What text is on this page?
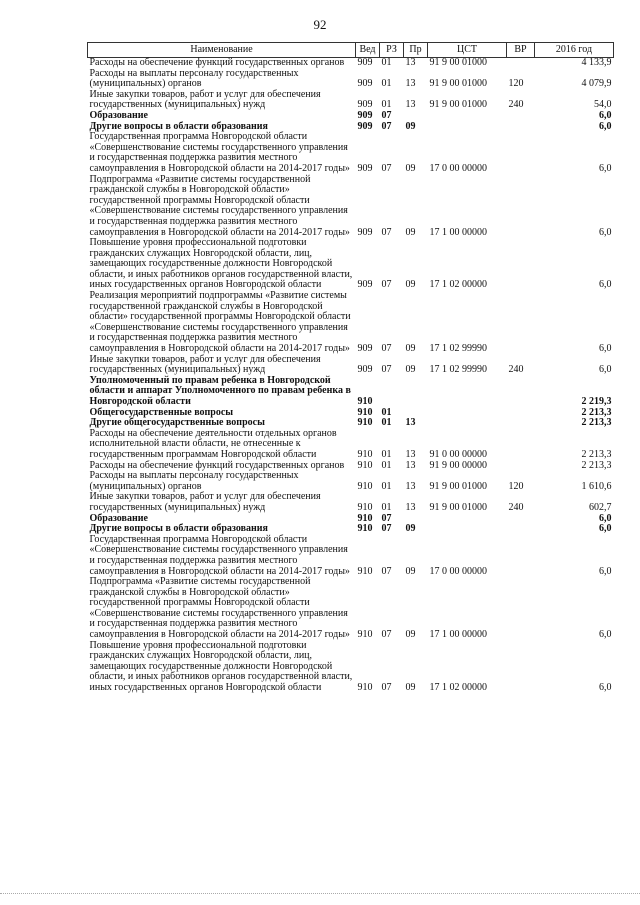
92
Наименование	Вед	РЗ	Пр	ЦСТ	ВР	2016 год
Расходы на обеспечение функций государственных органов	909	01	13	91 9 00 01000		4 133,9
Расходы на выплаты персоналу государственных (муниципальных) органов	909	01	13	91 9 00 01000	120	4 079,9
Иные закупки товаров, работ и услуг для обеспечения государственных (муниципальных) нужд	909	01	13	91 9 00 01000	240	54,0
Образование	909	07				6,0
Другие вопросы в области образования	909	07	09			6,0
Государственная программа Новгородской области «Совершенствование системы государственного управления и государственная поддержка развития местного самоуправления в Новгородской области на 2014-2017 годы»	909	07	09	17 0 00 00000		6,0
Подпрограмма «Развитие системы государственной гражданской службы в Новгородской области» государственной программы Новгородской области «Совершенствование системы государственного управления и государственная поддержка развития местного самоуправления в Новгородской области на 2014-2017 годы»	909	07	09	17 1 00 00000		6,0
Повышение уровня профессиональной подготовки гражданских служащих Новгородской области, лиц, замещающих государственные должности Новгородской области, и иных работников органов государственной власти, иных государственных органов Новгородской области	909	07	09	17 1 02 00000		6,0
Реализация мероприятий подпрограммы «Развитие системы государственной гражданской службы в Новгородской области» государственной программы Новгородской области «Совершенствование системы государственного управления и государственная поддержка развития местного самоуправления в Новгородской области на 2014-2017 годы»	909	07	09	17 1 02 99990		6,0
Иные закупки товаров, работ и услуг для обеспечения государственных (муниципальных) нужд	909	07	09	17 1 02 99990	240	6,0
Уполномоченный по правам ребенка в Новгородской области и аппарат Уполномоченного по правам ребенка в Новгородской области	910					2 219,3
Общегосударственные вопросы	910	01				2 213,3
Другие общегосударственные вопросы	910	01	13			2 213,3
Расходы на обеспечение деятельности отдельных органов исполнительной власти области, не отнесенные к государственным программам Новгородской области	910	01	13	91 0 00 00000		2 213,3
Расходы на обеспечение функций государственных органов	910	01	13	91 9 00 00000		2 213,3
Расходы на выплаты персоналу государственных (муниципальных) органов	910	01	13	91 9 00 01000	120	1 610,6
Иные закупки товаров, работ и услуг для обеспечения государственных (муниципальных) нужд	910	01	13	91 9 00 01000	240	602,7
Образование	910	07				6,0
Другие вопросы в области образования	910	07	09			6,0
Государственная программа Новгородской области «Совершенствование системы государственного управления и государственная поддержка развития местного самоуправления в Новгородской области на 2014-2017 годы»	910	07	09	17 0 00 00000		6,0
Подпрограмма «Развитие системы государственной гражданской службы в Новгородской области» государственной программы Новгородской области «Совершенствование системы государственного управления и государственная поддержка развития местного самоуправления в Новгородской области на 2014-2017 годы»	910	07	09	17 1 00 00000		6,0
Повышение уровня профессиональной подготовки гражданских служащих Новгородской области, лиц, замещающих государственные должности Новгородской области, и иных работников органов государственной власти, иных государственных органов Новгородской области	910	07	09	17 1 02 00000		6,0
